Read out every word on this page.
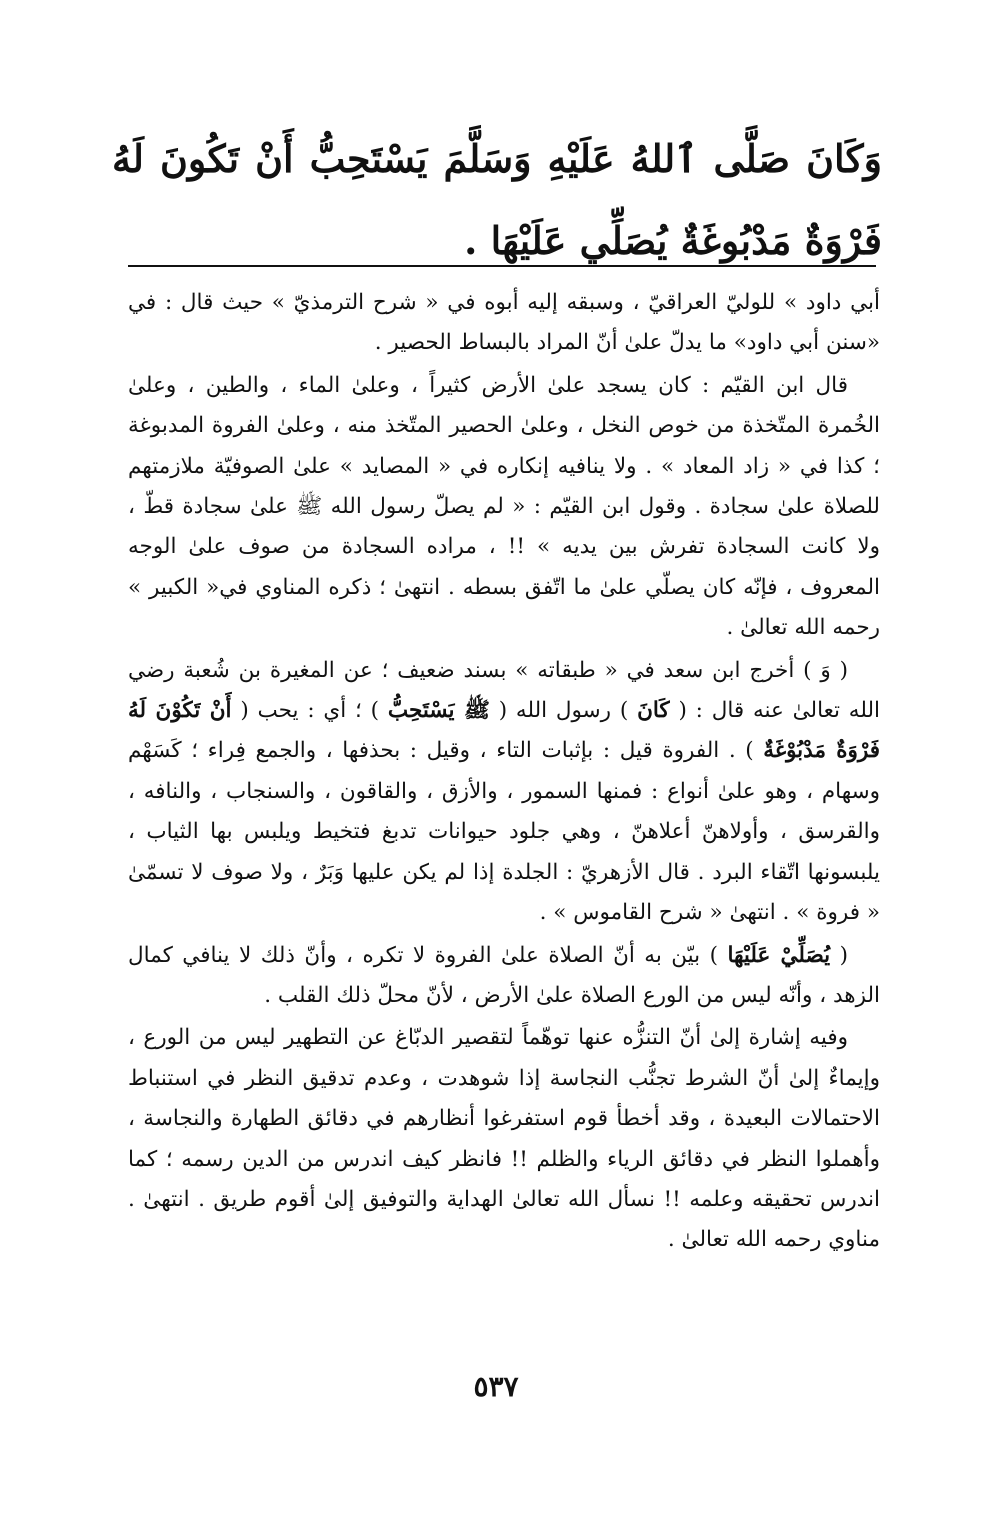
وَكَانَ صَلَّى ٱللهُ عَلَيْهِ وَسَلَّمَ يَسْتَحِبُّ أَنْ تَكُونَ لَهُ فَرْوَةٌ مَدْبُوغَةٌ يُصَلِّي عَلَيْهَا .

أبي داود » للوليّ العراقيّ ، وسبقه إليه أبوه في « شرح الترمذيّ » حيث قال : في «سنن أبي داود» ما يدلّ علىٰ أنّ المراد بالبساط الحصير .

قال ابن القيّم : كان يسجد علىٰ الأرض كثيراً ، وعلىٰ الماء ، والطين ، وعلىٰ الخُمرة المتّخذة من خوص النخل ، وعلىٰ الحصير المتّخذ منه ، وعلىٰ الفروة المدبوغة ؛ كذا في « زاد المعاد » . ولا ينافيه إنكاره في « المصايد » علىٰ الصوفيّة ملازمتهم للصلاة علىٰ سجادة . وقول ابن القيّم : « لم يصلّ رسول الله ﷺ علىٰ سجادة قطّ ، ولا كانت السجادة تفرش بين يديه » !! ، مراده السجادة من صوف علىٰ الوجه المعروف ، فإنّه كان يصلّي علىٰ ما اتّفق بسطه . انتهىٰ ؛ ذكره المناوي في« الكبير » رحمه الله تعالىٰ .

( وَ ) أخرج ابن سعد في « طبقاته » بسند ضعيف ؛ عن المغيرة بن شُعبة رضي الله تعالىٰ عنه قال : ( كَانَ ) رسول الله ( ﷺ يَسْتَحِبُّ ) ؛ أي : يحب ( أَنْ تَكُوْنَ لَهُ فَرْوَةٌ مَدْبُوْغَةٌ ) . الفروة قيل : بإثبات التاء ، وقيل : بحذفها ، والجمع فِراء ؛ كَسَهْم وسهام ، وهو علىٰ أنواع : فمنها السمور ، والأزق ، والقاقون ، والسنجاب ، والنافه ، والقرسق ، وأولاهنّ أعلاهنّ ، وهي جلود حيوانات تدبغ فتخيط ويلبس بها الثياب ، يلبسونها اتّقاء البرد . قال الأزهريّ : الجلدة إذا لم يكن عليها وَبَرٌ ، ولا صوف لا تسمّىٰ « فروة » . انتهىٰ « شرح القاموس » .

( يُصَلِّيْ عَلَيْهَا ) بيّن به أنّ الصلاة علىٰ الفروة لا تكره ، وأنّ ذلك لا ينافي كمال الزهد ، وأنّه ليس من الورع الصلاة علىٰ الأرض ، لأنّ محلّ ذلك القلب .

وفيه إشارة إلىٰ أنّ التنزُّه عنها توهّماً لتقصير الدبّاغ عن التطهير ليس من الورع ، وإيماءٌ إلىٰ أنّ الشرط تجنُّب النجاسة إذا شوهدت ، وعدم تدقيق النظر في استنباط الاحتمالات البعيدة ، وقد أخطأ قوم استفرغوا أنظارهم في دقائق الطهارة والنجاسة ، وأهملوا النظر في دقائق الرياء والظلم !! فانظر كيف اندرس من الدين رسمه ؛ كما اندرس تحقيقه وعلمه !! نسأل الله تعالىٰ الهداية والتوفيق إلىٰ أقوم طريق . انتهىٰ . مناوي رحمه الله تعالىٰ .

٥٣٧
